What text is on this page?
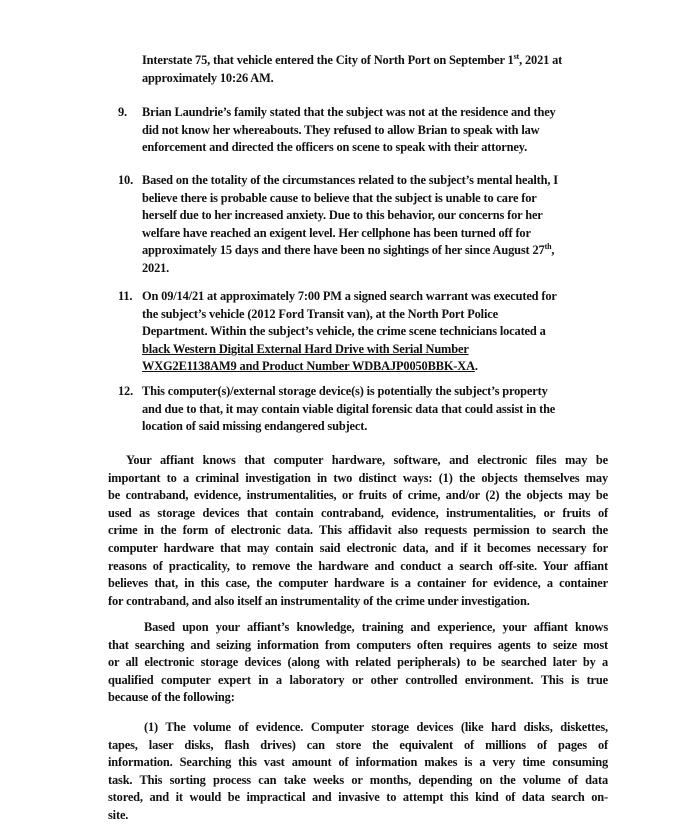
Interstate 75, that vehicle entered the City of North Port on September 1st, 2021 at
approximately 10:26 AM.
9. Brian Laundrie’s family stated that the subject was not at the residence and they
did not know her whereabouts. They refused to allow Brian to speak with law
enforcement and directed the officers on scene to speak with their attorney.
10. Based on the totality of the circumstances related to the subject’s mental health, I
believe there is probable cause to believe that the subject is unable to care for
herself due to her increased anxiety. Due to this behavior, our concerns for her
welfare have reached an exigent level. Her cellphone has been turned off for
approximately 15 days and there have been no sightings of her since August 27th,
2021.
11. On 09/14/21 at approximately 7:00 PM a signed search warrant was executed for
the subject’s vehicle (2012 Ford Transit van), at the North Port Police
Department. Within the subject’s vehicle, the crime scene technicians located a
black Western Digital External Hard Drive with Serial Number
WXG2E1138AM9 and Product Number WDBAJP0050BBK-XA.
12. This computer(s)/external storage device(s) is potentially the subject’s property
and due to that, it may contain viable digital forensic data that could assist in the
location of said missing endangered subject.
Your affiant knows that computer hardware, software, and electronic files may be
important to a criminal investigation in two distinct ways: (1) the objects themselves may
be contraband, evidence, instrumentalities, or fruits of crime, and/or (2) the objects may be
used as storage devices that contain contraband, evidence, instrumentalities, or fruits of
crime in the form of electronic data. This affidavit also requests permission to search the
computer hardware that may contain said electronic data, and if it becomes necessary for
reasons of practicality, to remove the hardware and conduct a search off-site. Your affiant
believes that, in this case, the computer hardware is a container for evidence, a container
for contraband, and also itself an instrumentality of the crime under investigation.
Based upon your affiant’s knowledge, training and experience, your affiant knows
that searching and seizing information from computers often requires agents to seize most
or all electronic storage devices (along with related peripherals) to be searched later by a
qualified computer expert in a laboratory or other controlled environment. This is true
because of the following:
(1) The volume of evidence. Computer storage devices (like hard disks, diskettes,
tapes, laser disks, flash drives) can store the equivalent of millions of pages of
information. Searching this vast amount of information makes is a very time consuming
task. This sorting process can take weeks or months, depending on the volume of data
stored, and it would be impractical and invasive to attempt this kind of data search on-
site.
